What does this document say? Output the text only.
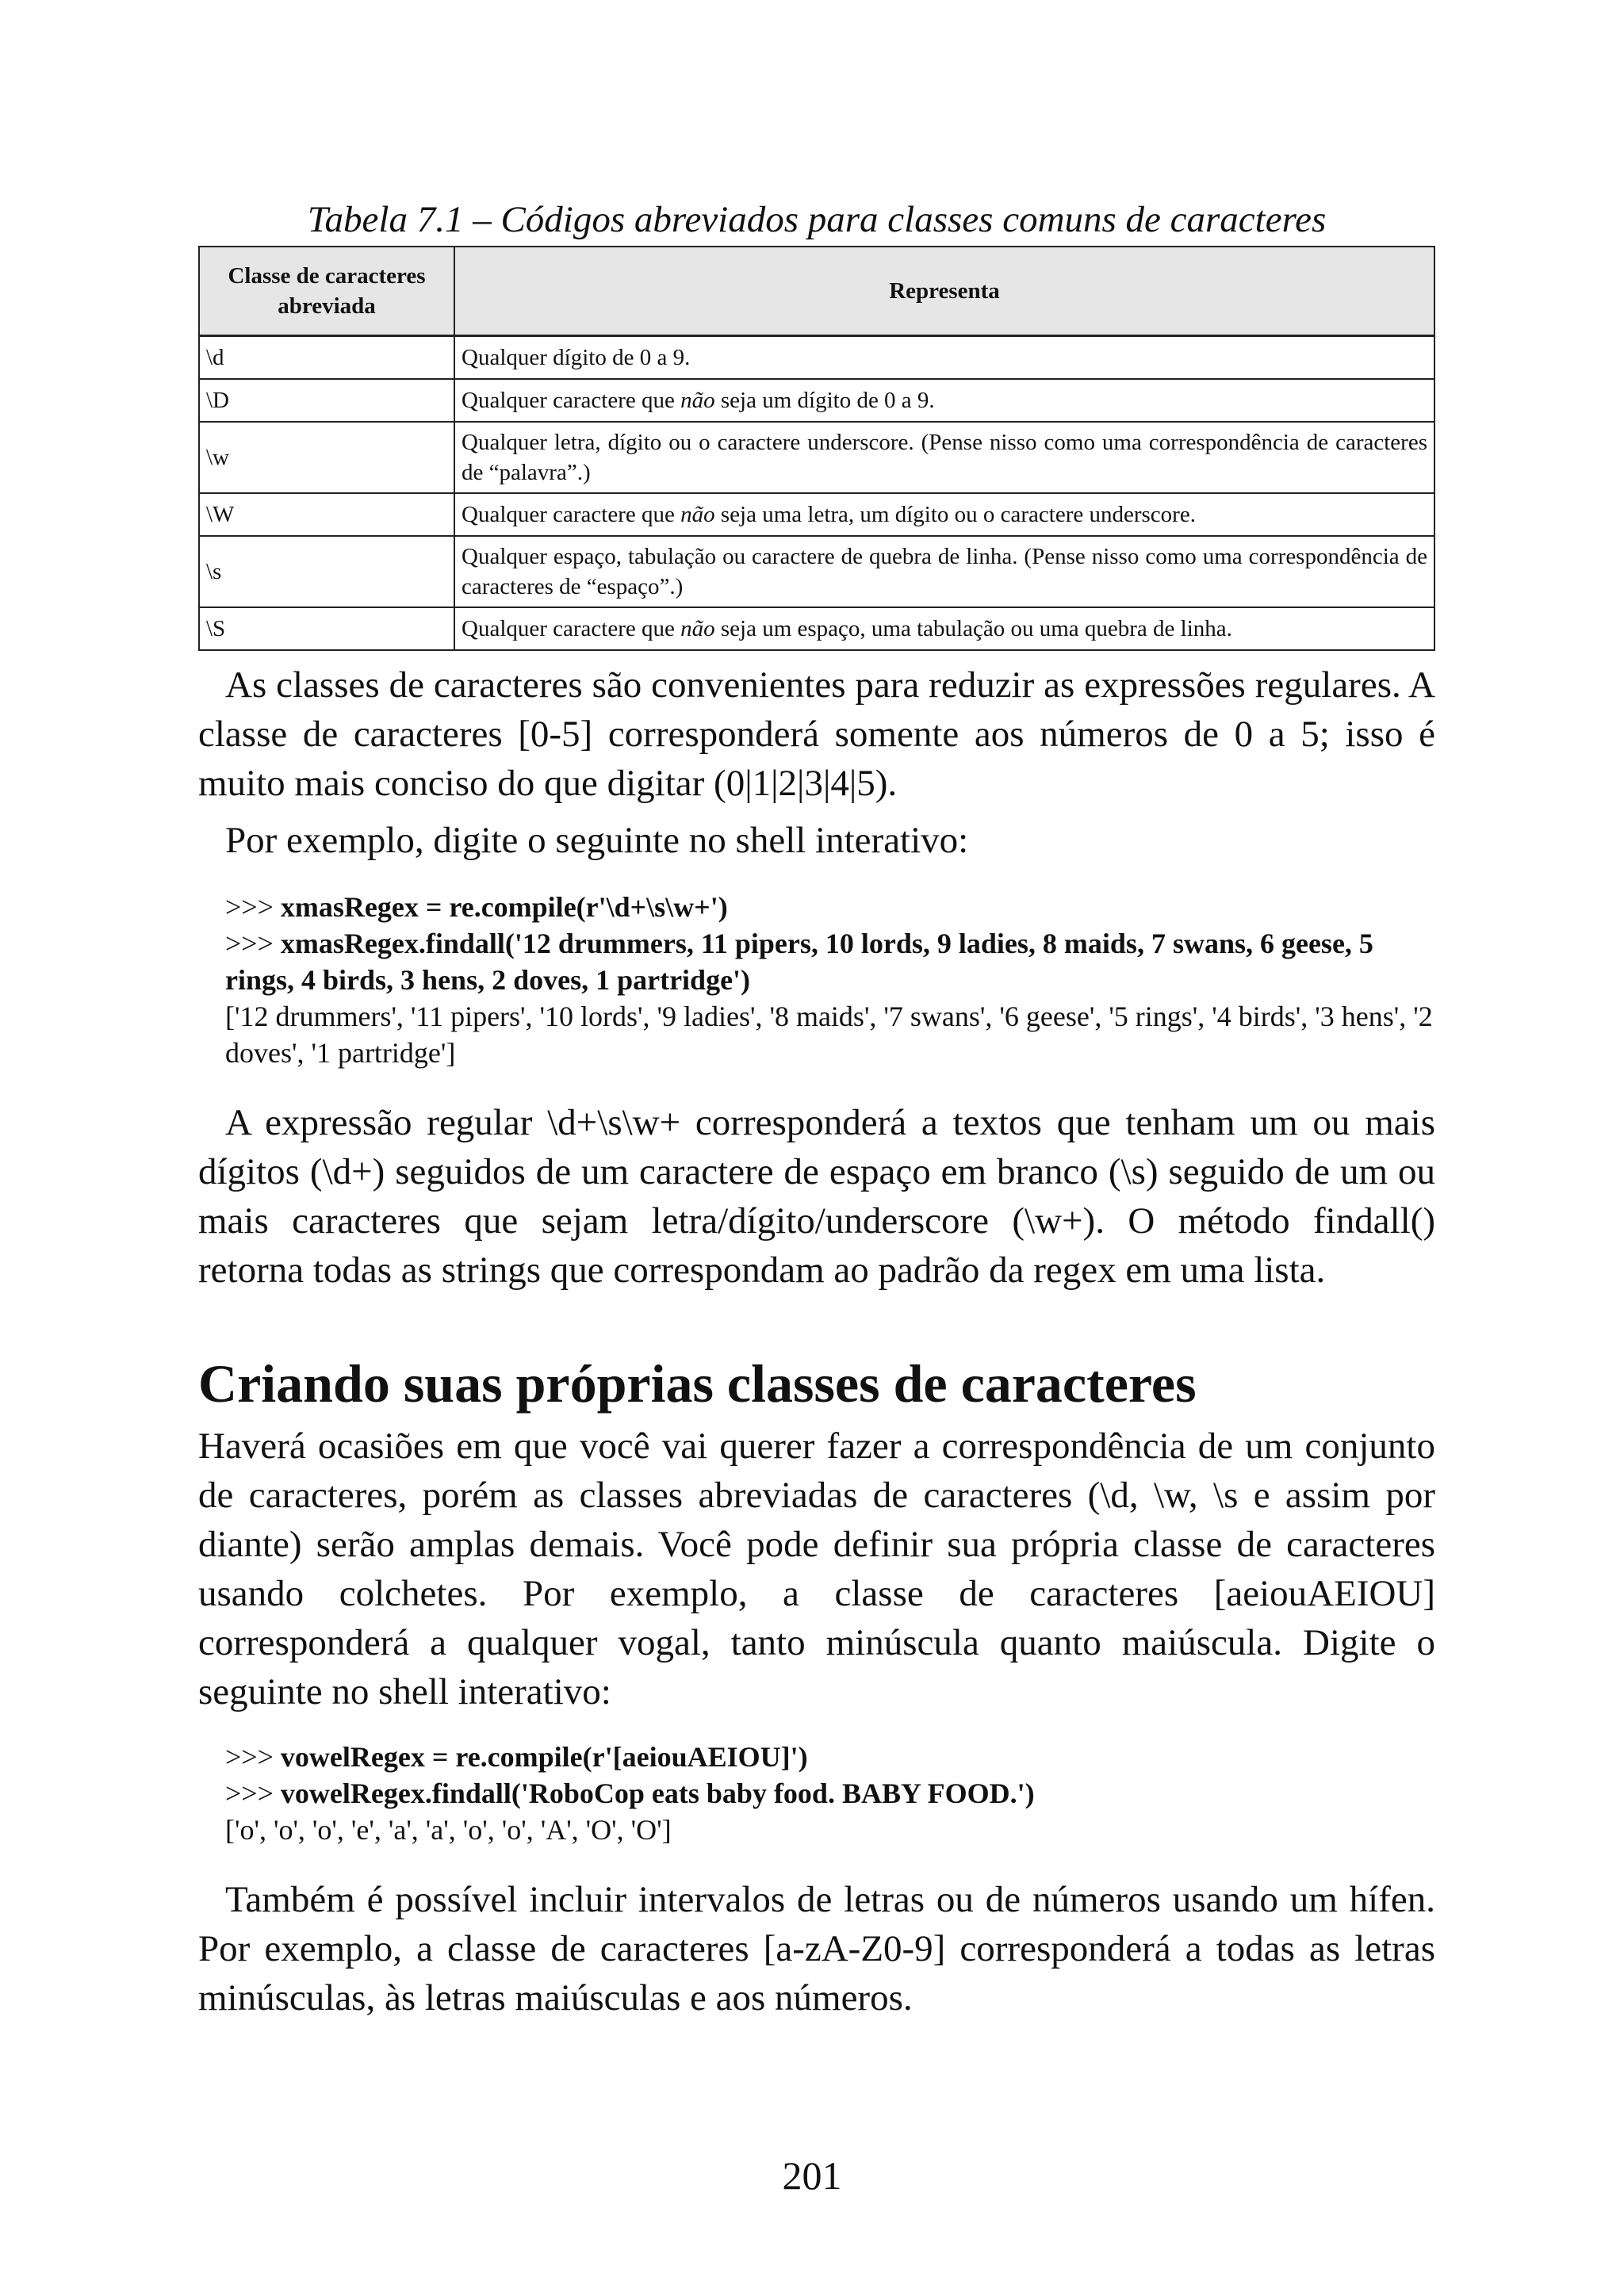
Tabela 7.1 – Códigos abreviados para classes comuns de caracteres
Classe de caracteres abreviada	Representa
\d	Qualquer dígito de 0 a 9.
\D	Qualquer caractere que não seja um dígito de 0 a 9.
\w	Qualquer letra, dígito ou o caractere underscore. (Pense nisso como uma correspondência de caracteres de “palavra”.)
\W	Qualquer caractere que não seja uma letra, um dígito ou o caractere underscore.
\s	Qualquer espaço, tabulação ou caractere de quebra de linha. (Pense nisso como uma correspondência de caracteres de “espaço”.)
\S	Qualquer caractere que não seja um espaço, uma tabulação ou uma quebra de linha.

As classes de caracteres são convenientes para reduzir as expressões regulares. A classe de caracteres [0-5] corresponderá somente aos números de 0 a 5; isso é muito mais conciso do que digitar (0|1|2|3|4|5).

Por exemplo, digite o seguinte no shell interativo:

>>> xmasRegex = re.compile(r'\d+\s\w+')
>>> xmasRegex.findall('12 drummers, 11 pipers, 10 lords, 9 ladies, 8 maids, 7 swans, 6 geese, 5 rings, 4 birds, 3 hens, 2 doves, 1 partridge')
['12 drummers', '11 pipers', '10 lords', '9 ladies', '8 maids', '7 swans', '6 geese', '5 rings', '4 birds', '3 hens', '2 doves', '1 partridge']

A expressão regular \d+\s\w+ corresponderá a textos que tenham um ou mais dígitos (\d+) seguidos de um caractere de espaço em branco (\s) seguido de um ou mais caracteres que sejam letra/dígito/underscore (\w+). O método findall() retorna todas as strings que correspondam ao padrão da regex em uma lista.

Criando suas próprias classes de caracteres

Haverá ocasiões em que você vai querer fazer a correspondência de um conjunto de caracteres, porém as classes abreviadas de caracteres (\d, \w, \s e assim por diante) serão amplas demais. Você pode definir sua própria classe de caracteres usando colchetes. Por exemplo, a classe de caracteres [aeiouAEIOU] corresponderá a qualquer vogal, tanto minúscula quanto maiúscula. Digite o seguinte no shell interativo:

>>> vowelRegex = re.compile(r'[aeiouAEIOU]')
>>> vowelRegex.findall('RoboCop eats baby food. BABY FOOD.')
['o', 'o', 'o', 'e', 'a', 'a', 'o', 'o', 'A', 'O', 'O']

Também é possível incluir intervalos de letras ou de números usando um hífen. Por exemplo, a classe de caracteres [a-zA-Z0-9] corresponderá a todas as letras minúsculas, às letras maiúsculas e aos números.

201
